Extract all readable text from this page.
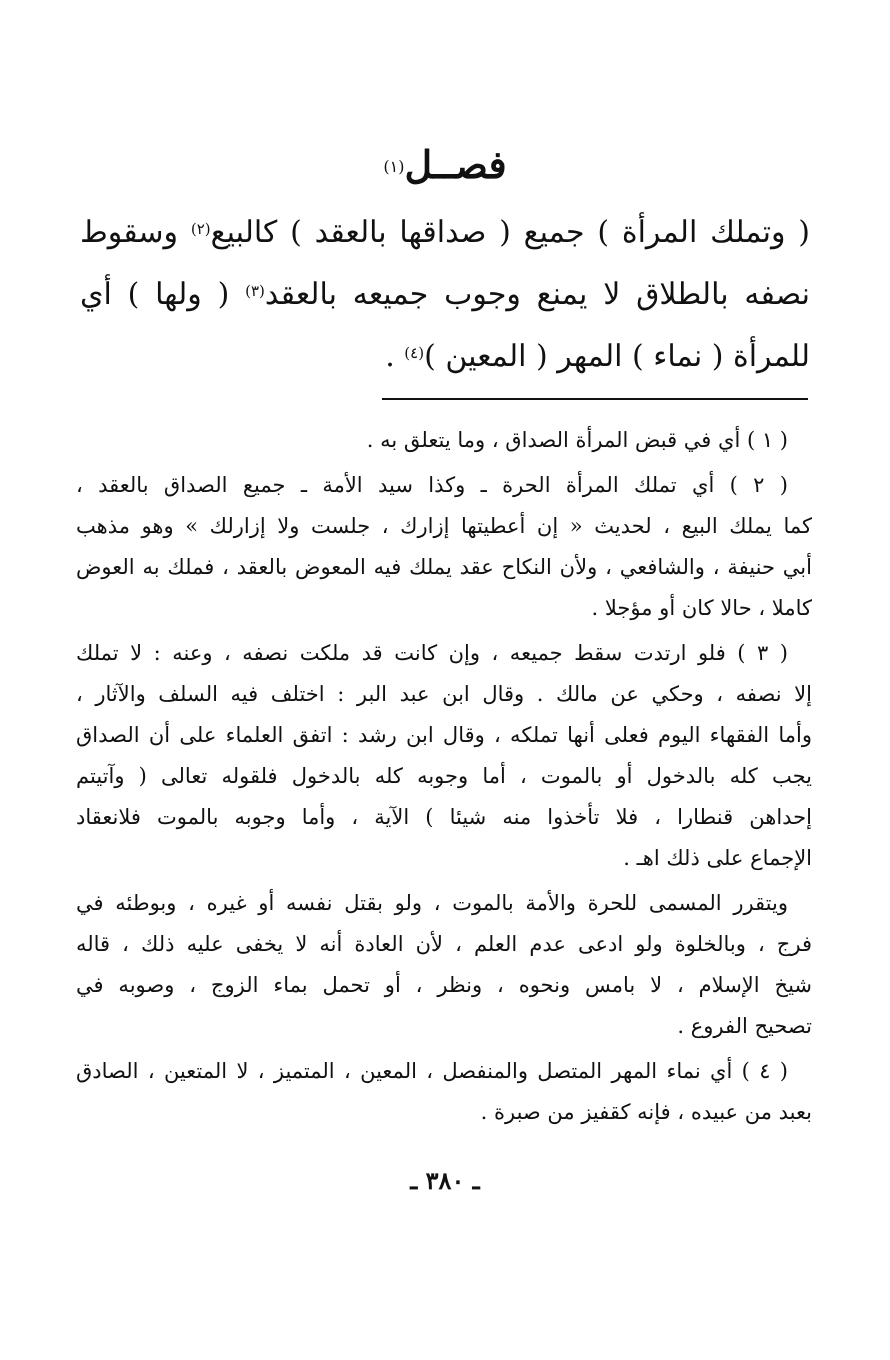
فصــل$^{(١)}$
( وتملك المرأة ) جميع ( صداقها بالعقد ) كالبيع$^{(٢)}$ وسقوط
نصفه بالطلاق لا يمنع وجوب جميعه بالعقد$^{(٣)}$ ( ولها ) أي
للمرأة ( نماء ) المهر ( المعين )$^{(٤)}$ .
( ١ ) أي في قبض المرأة الصداق ، وما يتعلق به .
( ٢ ) أي تملك المرأة الحرة ـ وكذا سيد الأمة ـ جميع الصداق بالعقد ،
كما يملك البيع ، لحديث « إن أعطيتها إزارك ، جلست ولا إزارلك » وهو مذهب
أبي حنيفة ، والشافعي ، ولأن النكاح عقد يملك فيه المعوض بالعقد ، فملك به العوض
كاملا ، حالا كان أو مؤجلا .
( ٣ ) فلو ارتدت سقط جميعه ، وإن كانت قد ملكت نصفه ، وعنه : لا تملك
إلا نصفه ، وحكي عن مالك . وقال ابن عبد البر : اختلف فيه السلف والآثار ،
وأما الفقهاء اليوم فعلى أنها تملكه ، وقال ابن رشد : اتفق العلماء على أن الصداق
يجب كله بالدخول أو بالموت ، أما وجوبه كله بالدخول فلقوله تعالى ( وآتيتم
إحداهن قنطارا ، فلا تأخذوا منه شيئا ) الآية ، وأما وجوبه بالموت فلانعقاد
الإجماع على ذلك اهـ .
ويتقرر المسمى للحرة والأمة بالموت ، ولو بقتل نفسه أو غيره ، وبوطئه في
فرج ، وبالخلوة ولو ادعى عدم العلم ، لأن العادة أنه لا يخفى عليه ذلك ، قاله
شيخ الإسلام ، لا بامس ونحوه ، ونظر ، أو تحمل بماء الزوج ، وصوبه في
تصحيح الفروع .
( ٤ ) أي نماء المهر المتصل والمنفصل ، المعين ، المتميز ، لا المتعين ، الصادق
بعبد من عبيده ، فإنه كقفيز من صبرة .
ـ ٣٨٠ ـ
